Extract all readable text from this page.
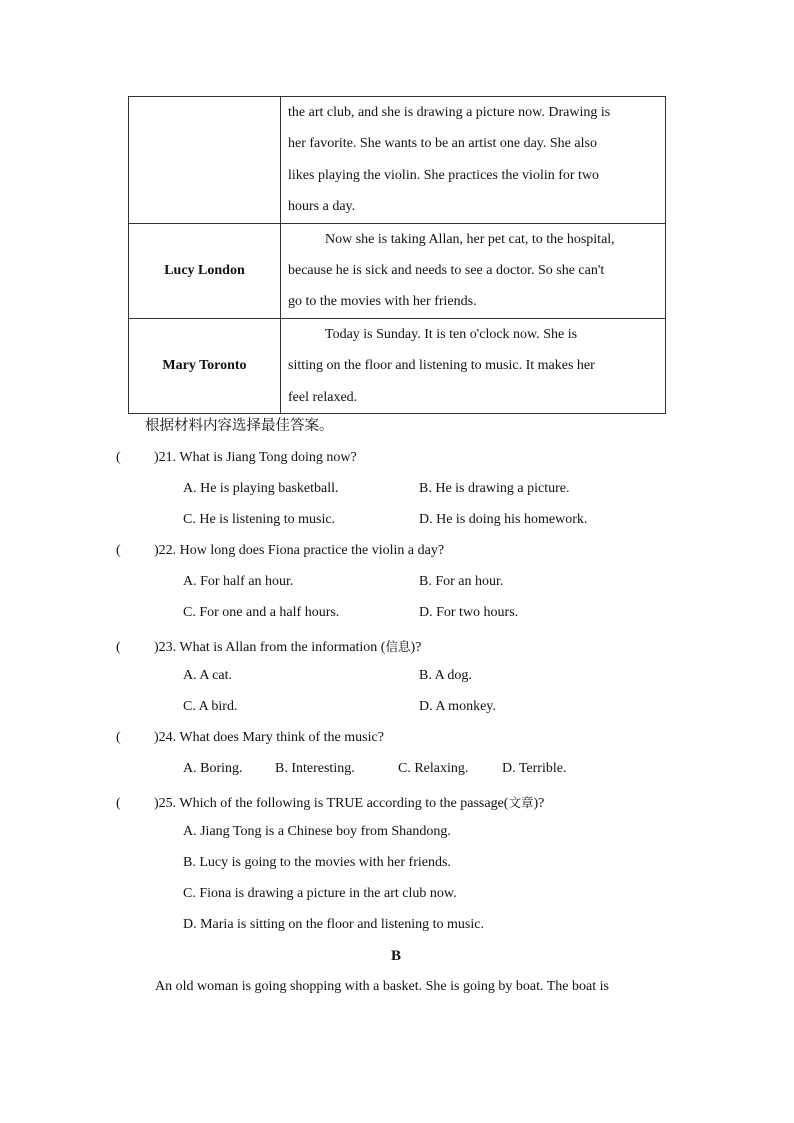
	the art club, and she is drawing a picture now. Drawing is
her favorite. She wants to be an artist one day. She also
likes playing the violin. She practices the violin for two
hours a day.

Lucy London	Now she is taking Allan, her pet cat, to the hospital,
because he is sick and needs to see a doctor. So she can't
go to the movies with her friends.

Mary Toronto	Today is Sunday. It is ten o'clock now. She is
sitting on the floor and listening to music. It makes her
feel relaxed.
根据材料内容选择最佳答案。
( )21. What is Jiang Tong doing now?
A. He is playing basketball.	B. He is drawing a picture.
C. He is listening to music.	D. He is doing his homework.
( )22. How long does Fiona practice the violin a day?
A. For half an hour.	B. For an hour.
C. For one and a half hours.	D. For two hours.
( )23. What is Allan from the information (信息)?
A. A cat.	B. A dog.
C. A bird.	D. A monkey.
( )24. What does Mary think of the music?
A. Boring. B. Interesting.	C. Relaxing. D. Terrible.
( )25. Which of the following is TRUE according to the passage(文章)?
A. Jiang Tong is a Chinese boy from Shandong.
B. Lucy is going to the movies with her friends.
C. Fiona is drawing a picture in the art club now.
D. Maria is sitting on the floor and listening to music.
B
An old woman is going shopping with a basket. She is going by boat. The boat is
